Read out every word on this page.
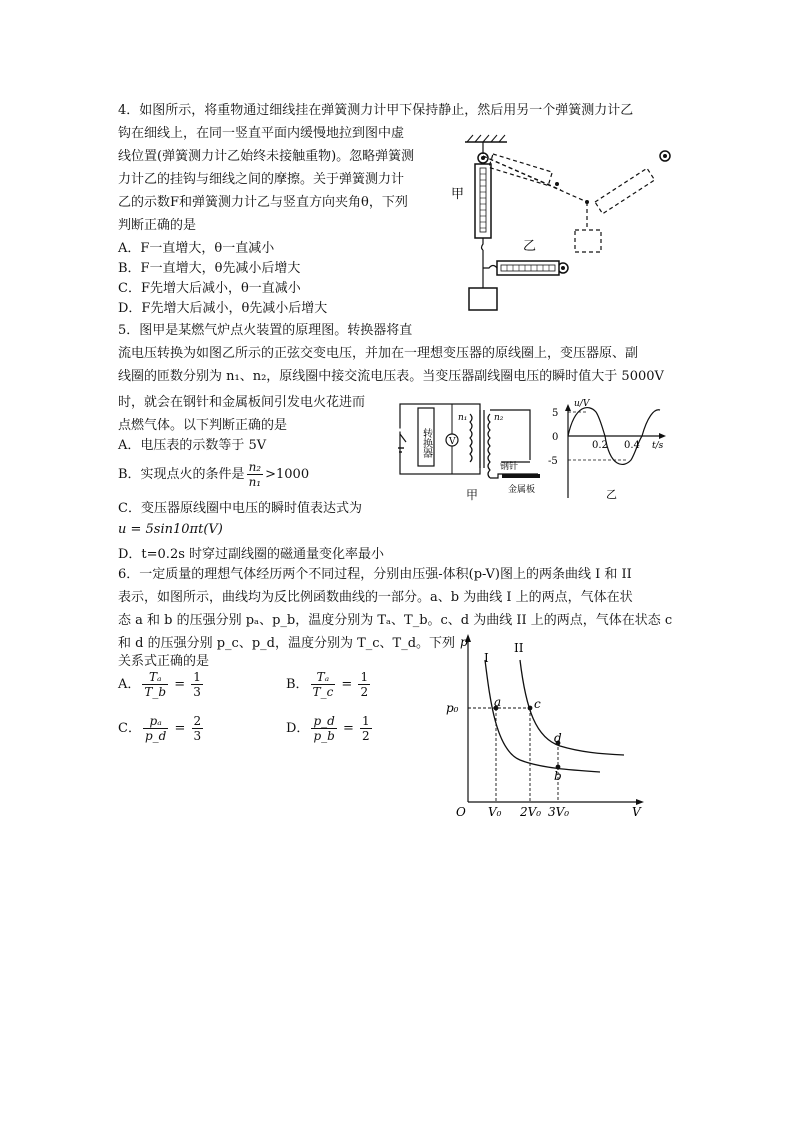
4．如图所示，将重物通过细线挂在弹簧测力计甲下保持静止，然后用另一个弹簧测力计乙
钩在细线上，在同一竖直平面内缓慢地拉到图中虚
线位置(弹簧测力计乙始终未接触重物)。忽略弹簧测
力计乙的挂钩与细线之间的摩擦。关于弹簧测力计
乙的示数F和弹簧测力计乙与竖直方向夹角θ，下列
判断正确的是
A．F一直增大，θ一直减小
B．F一直增大，θ先减小后增大
C．F先增大后减小，θ一直减小
D．F先增大后减小，θ先减小后增大
甲
乙
5．图甲是某燃气炉点火装置的原理图。转换器将直
流电压转换为如图乙所示的正弦交变电压，并加在一理想变压器的原线圈上，变压器原、副
线圈的匝数分别为 n₁、n₂，原线圈中接交流电压表。当变压器副线圈电压的瞬时值大于 5000V
时，就会在钢针和金属板间引发电火花进而
点燃气体。以下判断正确的是
A．电压表的示数等于 5V
B．实现点火的条件是 $\frac{\text{n₂}}{\text{n₁}} >1000$
C．变压器原线圈中电压的瞬时值表达式为
u = 5sin10πt(V)
D．t=0.2s 时穿过副线圈的磁通量变化率最小
转换器 V
n₁	n₂
钢针
金属板
甲
u/V
t/s
5
0
-5
0.2 0.4
乙
6．一定质量的理想气体经历两个不同过程，分别由压强-体积(p-V)图上的两条曲线 I 和 II
表示，如图所示，曲线均为反比例函数曲线的一部分。a、b 为曲线 I 上的两点，气体在状
态 a 和 b 的压强分别 pₐ、p_b，温度分别为 Tₐ、T_b。c、d 为曲线 II 上的两点，气体在状态 c
和 d 的压强分别 p_c、p_d，温度分别为 T_c、T_d。下列
关系式正确的是
A． $\frac{\text{Tₐ}}{T\_b} = \frac{1}{3}$	B． $\frac{\text{Tₐ}}{T\_c} = \frac{1}{2}$
C． $\frac{\text{pₐ}}{p\_d} = \frac{2}{3}$	D． $\frac{p\_d}{p\_b} = \frac{1}{2}$
p
V
O
p₀
I
II
a	c
d
b
V₀ 2V₀ 3V₀
